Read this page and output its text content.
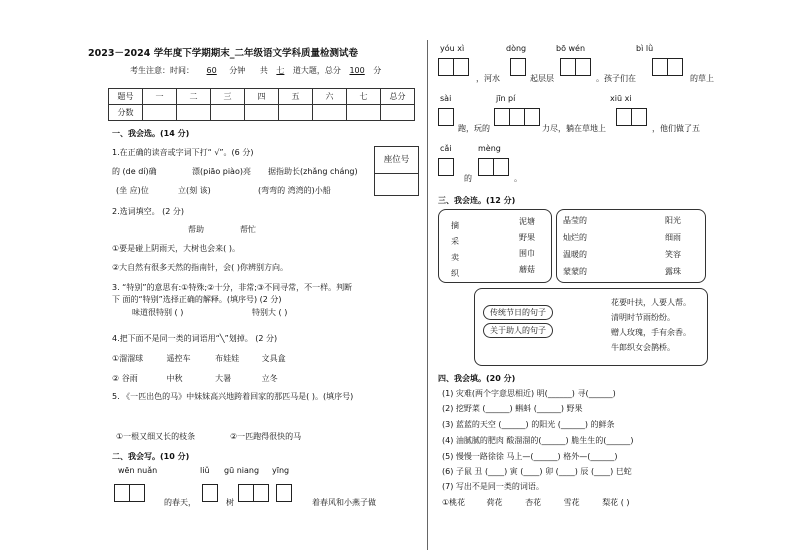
2023－2024 学年度下学期期末_二年级语文学科质量检测试卷
考生注意：时间： 60 分钟 共 七 道大题，总分 100 分
题号	一	二	三	四	五	六	七	总分
分数								
座位号
一、我会选。(14 分)
1.在正确的读音或字词下打“ √”。(6 分)
的 (de dí)确	漂(piāo piào)亮 据指助长(zhǎng cháng)
(坐 应)位	立(刻 该)	(弯弯的 湾湾的)小船
2.选词填空。 (2 分)
帮助	帮忙
①要是碰上阴雨天，大树也会来( )。
②大自然有很多天然的指南针，会( )你辨别方向。
3. “特别”的意思有:①特殊;②十分，非常;③不同寻常，不一样。判断
下 面的“特别”选择正确的解释。(填序号) (2 分)
味道很特别 ( )	特别大 ( )
4.把下面不是同一类的词语用“╲”划掉。 (2 分)
①溜溜球	遥控车	布娃娃	文具盒
② 谷雨	中秋	大暑	立冬
5. 《一匹出色的马》中妹妹高兴地跨着回家的那匹马是( )。(填序号)
①一根又细又长的枝条	②一匹跑得很快的马
二、我会写。(10 分)
wēn nuǎn	liǔ gū niang yīng
的春天，	树	着春风和小燕子做
yóu xì	dòng	bō wén	bì lǜ
，河水	起层层	。孩子们在	的草上
sài	jīn pí	xiū xi
跑，玩的	力尽，躺在草地上	，他们做了五
cǎi	mèng
的	。
三、我会连。(12 分)
摘
采
卖
织
泥塘
野果
围巾
蘑菇
晶莹的
灿烂的
温暖的
蒙蒙的
阳光
细雨
笑容
露珠
传统节日的句子
关于助人的句子
花要叶扶，人要人帮。
清明时节雨纷纷。
赠人玫瑰，手有余香。
牛郎织女会鹊桥。
四、我会填。(20 分)
(1) 灾难(两个字意思相近) 明(______) 寻(______)
(2) 挖野菜 (______) 蝌蚪 (______) 野果
(3) 蓝蓝的天空 (______) 的阳光 (______) 的鲜条
(4) 油腻腻的肥肉 酸溜溜的(______) 脆生生的(______)
(5) 慢慢一路徐徐 马上—(______) 格外—(______)
(6) 子鼠 丑 (____) 寅 (____) 卯 (____) 辰 (____) 巳蛇
(7) 写出不是同一类的词语。
①桃花	荷花	杏花	雪花	梨花 ( )
